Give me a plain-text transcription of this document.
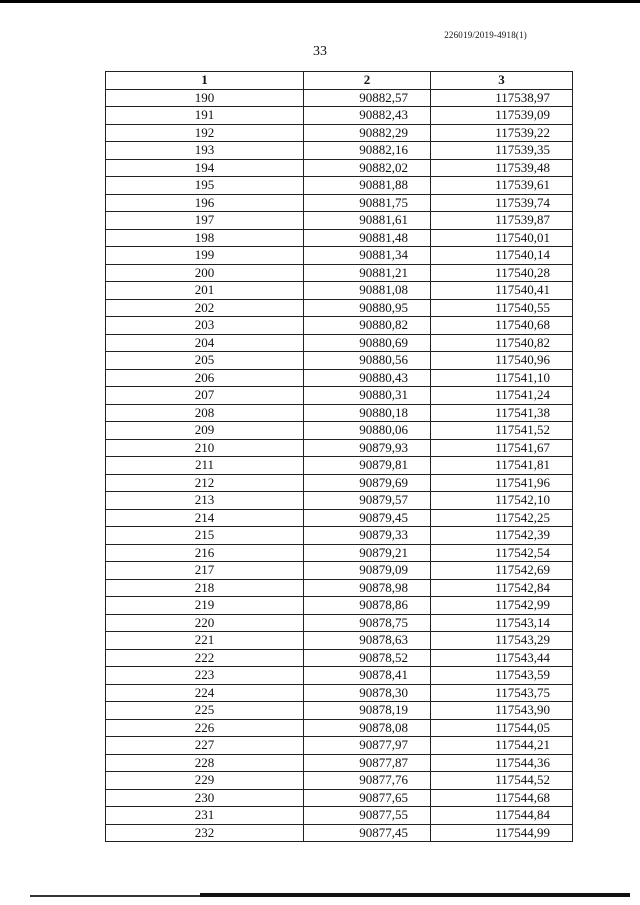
226019/2019-4918(1)
33
1	2	3
190	90882,57	117538,97
191	90882,43	117539,09
192	90882,29	117539,22
193	90882,16	117539,35
194	90882,02	117539,48
195	90881,88	117539,61
196	90881,75	117539,74
197	90881,61	117539,87
198	90881,48	117540,01
199	90881,34	117540,14
200	90881,21	117540,28
201	90881,08	117540,41
202	90880,95	117540,55
203	90880,82	117540,68
204	90880,69	117540,82
205	90880,56	117540,96
206	90880,43	117541,10
207	90880,31	117541,24
208	90880,18	117541,38
209	90880,06	117541,52
210	90879,93	117541,67
211	90879,81	117541,81
212	90879,69	117541,96
213	90879,57	117542,10
214	90879,45	117542,25
215	90879,33	117542,39
216	90879,21	117542,54
217	90879,09	117542,69
218	90878,98	117542,84
219	90878,86	117542,99
220	90878,75	117543,14
221	90878,63	117543,29
222	90878,52	117543,44
223	90878,41	117543,59
224	90878,30	117543,75
225	90878,19	117543,90
226	90878,08	117544,05
227	90877,97	117544,21
228	90877,87	117544,36
229	90877,76	117544,52
230	90877,65	117544,68
231	90877,55	117544,84
232	90877,45	117544,99
